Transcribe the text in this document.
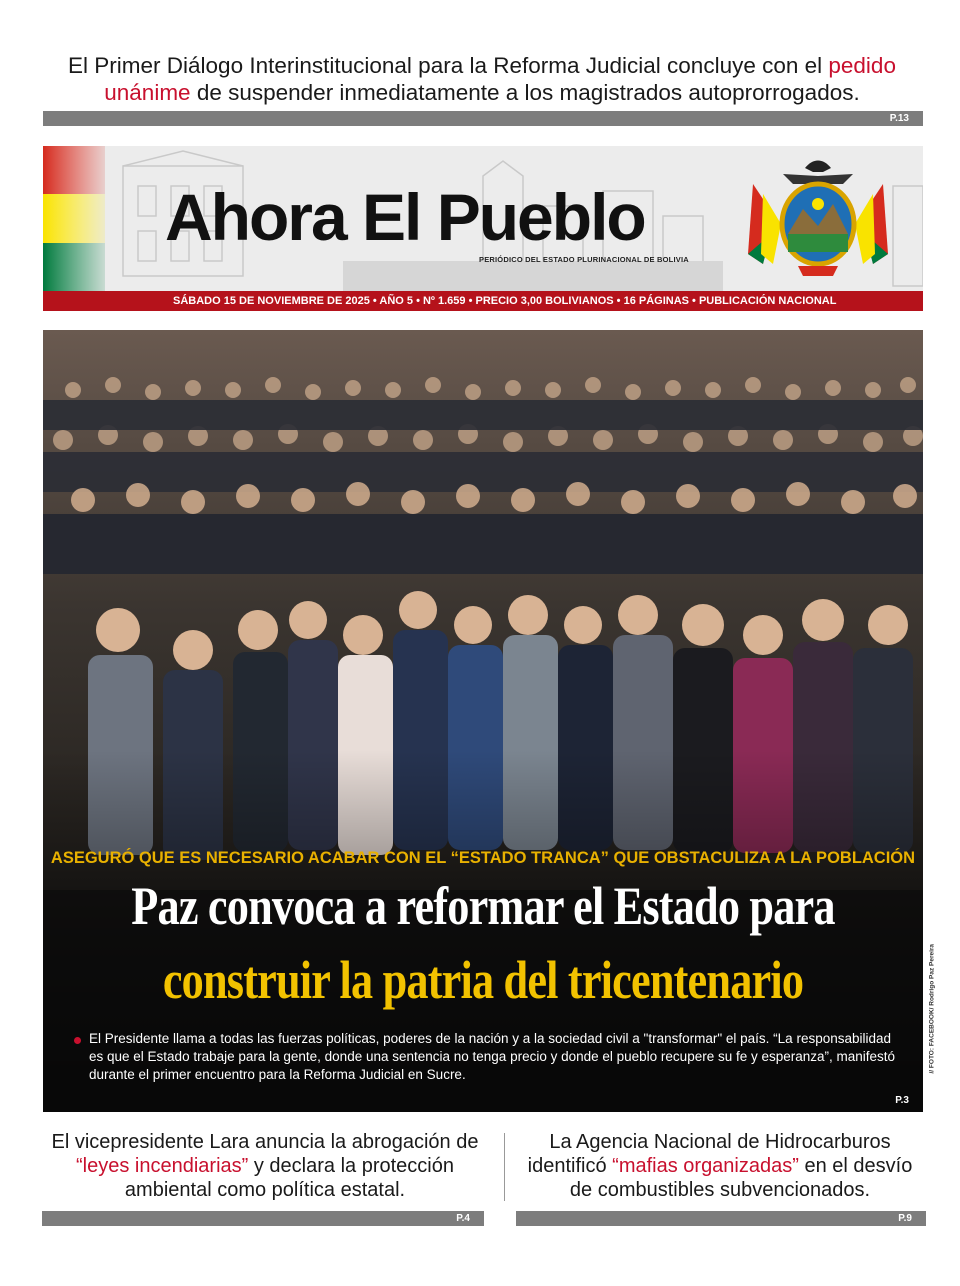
El Primer Diálogo Interinstitucional para la Reforma Judicial concluye con el pedido unánime de suspender inmediatamente a los magistrados autoprorrogados.
P.13
Ahora El Pueblo
PERIÓDICO DEL ESTADO PLURINACIONAL DE BOLIVIA
SÁBADO 15 DE NOVIEMBRE DE 2025 • AÑO 5 • Nº 1.659 • PRECIO 3,00 BOLIVIANOS • 16 PÁGINAS • PUBLICACIÓN NACIONAL
ASEGURÓ QUE ES NECESARIO ACABAR CON EL “ESTADO TRANCA” QUE OBSTACULIZA A LA POBLACIÓN
Paz convoca a reformar el Estado para
construir la patria del tricentenario
El Presidente llama a todas las fuerzas políticas, poderes de la nación y a la sociedad civil a "transformar" el país. “La responsabilidad es que el Estado trabaje para la gente, donde una sentencia no tenga precio y donde el pueblo recupere su fe y esperanza”, manifestó durante el primer encuentro para la Reforma Judicial en Sucre.
P.3
// FOTO: FACEBOOK/ Rodrigo Paz Pereira
El vicepresidente Lara anuncia la abrogación de “leyes incendiarias” y declara la protección ambiental como política estatal.
La Agencia Nacional de Hidrocarburos identificó “mafias organizadas” en el desvío de combustibles subvencionados.
P.4	P.9
